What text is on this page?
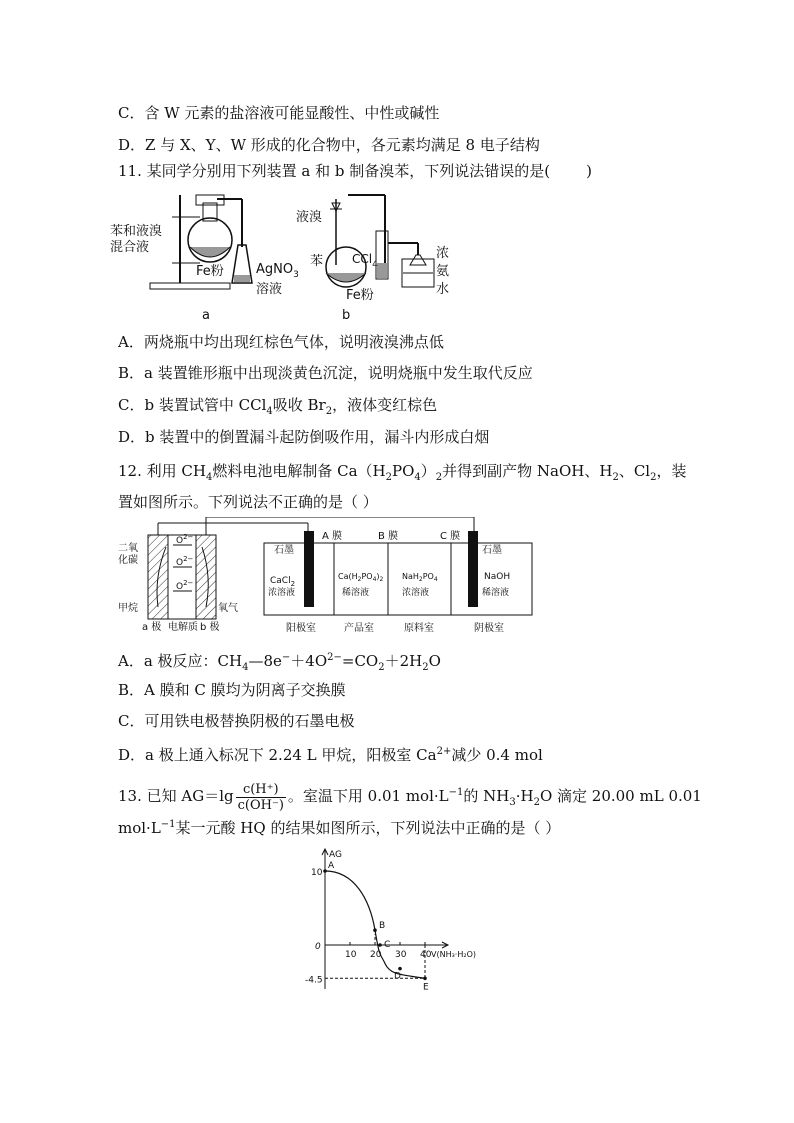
C．含 W 元素的盐溶液可能显酸性、中性或碱性
D．Z 与 X、Y、W 形成的化合物中，各元素均满足 8 电子结构
11. 某同学分别用下列装置 a 和 b 制备溴苯，下列说法错误的是( )
苯和液溴
混合液
Fe粉 AgNO$_3$
溶液
a
液溴
苯 CCl$_4$
Fe粉
浓
氨
水
b
A．两烧瓶中均出现红棕色气体，说明液溴沸点低
B．a 装置锥形瓶中出现淡黄色沉淀，说明烧瓶中发生取代反应
C．b 装置试管中 CCl$_4$吸收 $Br_2$，液体变红棕色
D．b 装置中的倒置漏斗起防倒吸作用，漏斗内形成白烟
12. 利用 $CH_4$燃料电池电解制备 $Ca(H_2PO_4)_2$并得到副产物 NaOH、$H_2$、$Cl_2$，装
置如图所示。下列说法不正确的是（ ）
二氧
化碳
甲烷	氧气
$O^{2-}$
$O^{2-}$
$O^{2-}$
a 极 电解质 b 极
石墨	石墨
A 膜	B 膜	C 膜
CaCl$_2$
浓溶液
$Ca(H_2PO_4)_2$
稀溶液
$NaH_2PO_4$
浓溶液
NaOH
稀溶液
阳极室	产品室	原料室	阴极室
A．a 极反应：$CH_4—8e^-+4O^{2-}=CO_2+2H_2O$
B．A 膜和 C 膜均为阴离子交换膜
C．可用铁电极替换阴极的石墨电极
D．a 极上通入标况下 2.24 L 甲烷，阳极室 $Ca^{2+}$减少 0.4 mol
13. 已知 $AG=\lg \frac{c(H^+)}{c(OH^-)}$ 。室温下用 0.01 $mol\cdot L^{-1}$的 $NH_3\cdot H_2O$ 滴定 20.00 mL 0.01
$mol\cdot L^{-1}$某一元酸 HQ 的结果如图所示，下列说法中正确的是（ ）
AG
V(NH₃·H₂O)
0
10 20 30 40
10
-4.5
A
B
C
D
E
